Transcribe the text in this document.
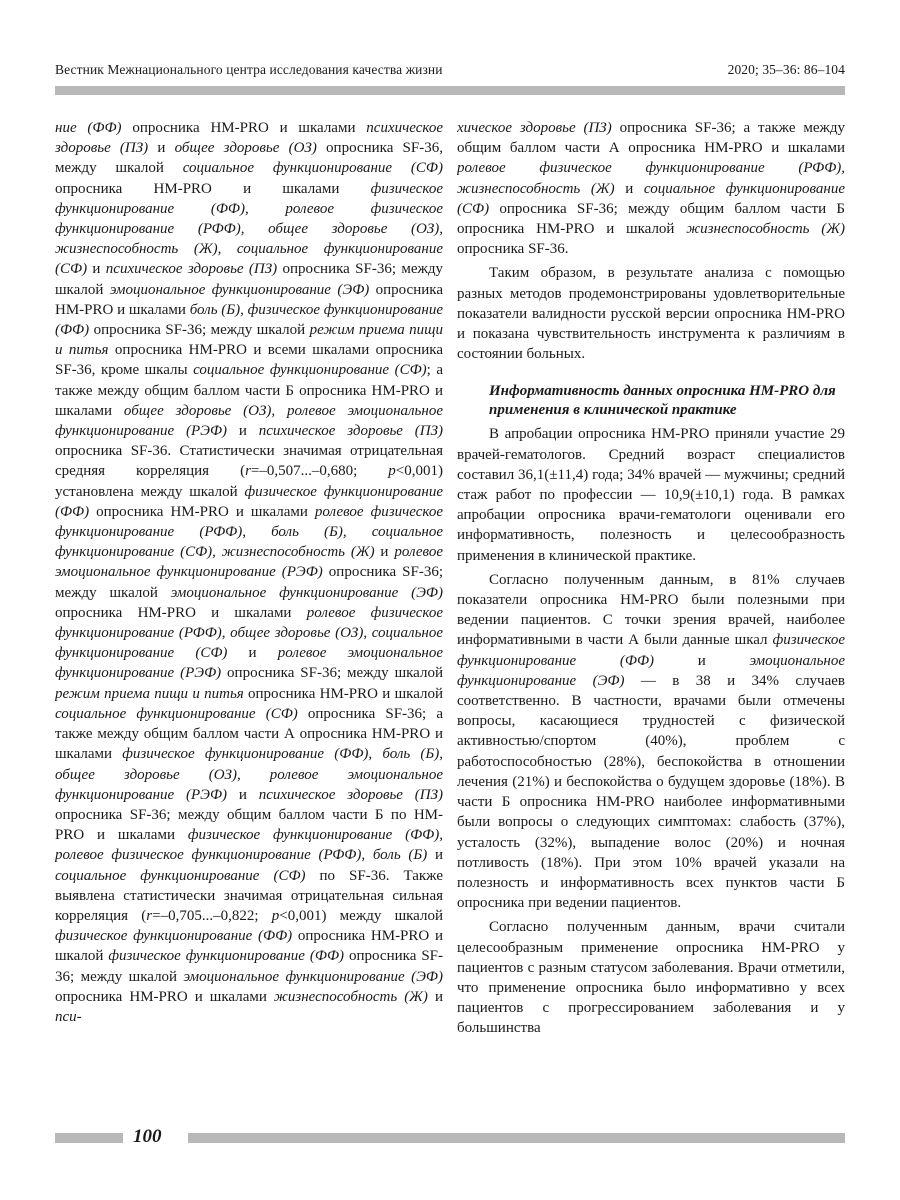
Вестник Межнационального центра исследования качества жизни	2020; 35–36: 86–104

ние (ФФ) опросника HM-PRO и шкалами психическое здоровье (ПЗ) и общее здоровье (ОЗ) опросника SF-36, между шкалой социальное функционирование (СФ) опросника HM-PRO и шкалами физическое функционирование (ФФ), ролевое физическое функционирование (РФФ), общее здоровье (ОЗ), жизнеспособность (Ж), социальное функционирование (СФ) и психическое здоровье (ПЗ) опросника SF-36; между шкалой эмоциональное функционирование (ЭФ) опросника HM-PRO и шкалами боль (Б), физическое функционирование (ФФ) опросника SF-36; между шкалой режим приема пищи и питья опросника HM-PRO и всеми шкалами опросника SF-36, кроме шкалы социальное функционирование (СФ); а также между общим баллом части Б опросника HM-PRO и шкалами общее здоровье (ОЗ), ролевое эмоциональное функционирование (РЭФ) и психическое здоровье (ПЗ) опросника SF-36. Статистически значимая отрицательная средняя корреляция (r=–0,507...–0,680; p<0,001) установлена между шкалой физическое функционирование (ФФ) опросника HM-PRO и шкалами ролевое физическое функционирование (РФФ), боль (Б), социальное функционирование (СФ), жизнеспособность (Ж) и ролевое эмоциональное функционирование (РЭФ) опросника SF-36; между шкалой эмоциональное функционирование (ЭФ) опросника HM-PRO и шкалами ролевое физическое функционирование (РФФ), общее здоровье (ОЗ), социальное функционирование (СФ) и ролевое эмоциональное функционирование (РЭФ) опросника SF-36; между шкалой режим приема пищи и питья опросника HM-PRO и шкалой социальное функционирование (СФ) опросника SF-36; а также между общим баллом части А опросника HM-PRO и шкалами физическое функционирование (ФФ), боль (Б), общее здоровье (ОЗ), ролевое эмоциональное функционирование (РЭФ) и психическое здоровье (ПЗ) опросника SF-36; между общим баллом части Б по HM-PRO и шкалами физическое функционирование (ФФ), ролевое физическое функционирование (РФФ), боль (Б) и социальное функционирование (СФ) по SF-36. Также выявлена статистически значимая отрицательная сильная корреляция (r=–0,705...–0,822; p<0,001) между шкалой физическое функционирование (ФФ) опросника HM-PRO и шкалой физическое функционирование (ФФ) опросника SF-36; между шкалой эмоциональное функционирование (ЭФ) опросника HM-PRO и шкалами жизнеспособность (Ж) и пси-

хическое здоровье (ПЗ) опросника SF-36; а также между общим баллом части А опросника HM-PRO и шкалами ролевое физическое функционирование (РФФ), жизнеспособность (Ж) и социальное функционирование (СФ) опросника SF-36; между общим баллом части Б опросника HM-PRO и шкалой жизнеспособность (Ж) опросника SF-36.

Таким образом, в результате анализа с помощью разных методов продемонстрированы удовлетворительные показатели валидности русской версии опросника HM-PRO и показана чувствительность инструмента к различиям в состоянии больных.

Информативность данных опросника HM-PRO для применения в клинической практике

В апробации опросника HM-PRO приняли участие 29 врачей-гематологов. Средний возраст специалистов составил 36,1(±11,4) года; 34% врачей — мужчины; средний стаж работ по профессии — 10,9(±10,1) года. В рамках апробации опросника врачи-гематологи оценивали его информативность, полезность и целесообразность применения в клинической практике.

Согласно полученным данным, в 81% случаев показатели опросника HM-PRO были полезными при ведении пациентов. С точки зрения врачей, наиболее информативными в части А были данные шкал физическое функционирование (ФФ) и эмоциональное функционирование (ЭФ) — в 38 и 34% случаев соответственно. В частности, врачами были отмечены вопросы, касающиеся трудностей с физической активностью/спортом (40%), проблем с работоспособностью (28%), беспокойства в отношении лечения (21%) и беспокойства о будущем здоровье (18%). В части Б опросника HM-PRO наиболее информативными были вопросы о следующих симптомах: слабость (37%), усталость (32%), выпадение волос (20%) и ночная потливость (18%). При этом 10% врачей указали на полезность и информативность всех пунктов части Б опросника при ведении пациентов.

Согласно полученным данным, врачи считали целесообразным применение опросника HM-PRO у пациентов с разным статусом заболевания. Врачи отметили, что применение опросника было информативно у всех пациентов с прогрессированием заболевания и у большинства

100
